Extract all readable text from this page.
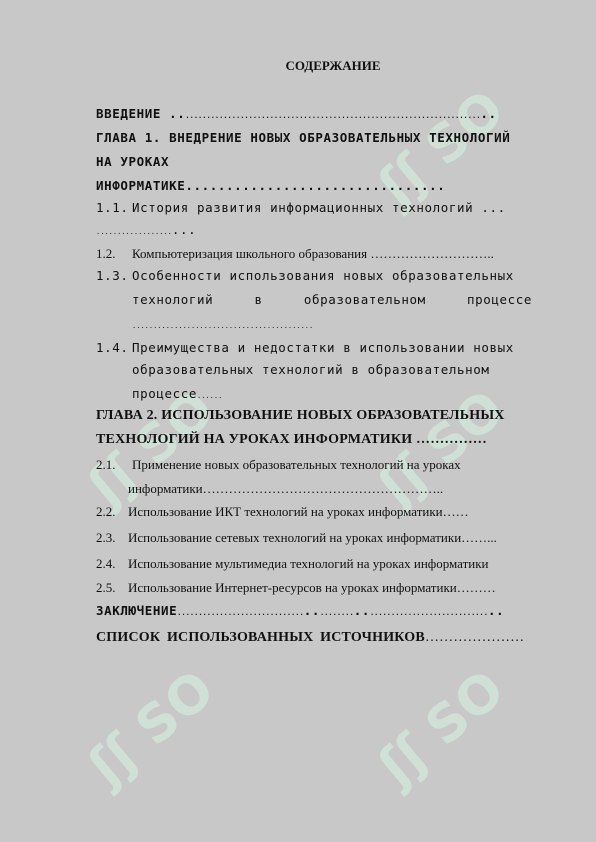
ʃʃ SOFF
ʃʃ SOFF
ʃʃ SOFF
ʃʃ SOFF
ʃʃ SOFF
СОДЕРЖАНИЕ
ВВЕДЕНИЕ ..........................................................................
ГЛАВА 1. ВНЕДРЕНИЕ НОВЫХ ОБРАЗОВАТЕЛЬНЫХ ТЕХНОЛОГИЙ
НА УРОКАХ
ИНФОРМАТИКЕ................................
1.1. История развития информационных технологий ...
.....................
1.2. Компьютеризация школьного образования ………………………..
1.3. Особенности использования новых образовательных
технологий	в	образовательном	процессе
...........................................
1.4. Преимущества и недостатки в использовании новых
образовательных технологий в образовательном
процессе......
ГЛАВА 2. ИСПОЛЬЗОВАНИЕ НОВЫХ ОБРАЗОВАТЕЛЬНЫХ
ТЕХНОЛОГИЙ НА УРОКАХ ИНФОРМАТИКИ ……………
2.1. Применение новых образовательных технологий на уроках
информатики………………………………………………..
2.2. Использование ИКТ технологий на уроках информатики……
2.3. Использование сетевых технологий на уроках информатики……...
2.4. Использование мультимедиа технологий на уроках информатики
2.5. Использование Интернет-ресурсов на уроках информатики………
ЗАКЛЮЧЕНИЕ........................................................................
СПИСОК ИСПОЛЬЗОВАННЫХ ИСТОЧНИКОВ…………………
